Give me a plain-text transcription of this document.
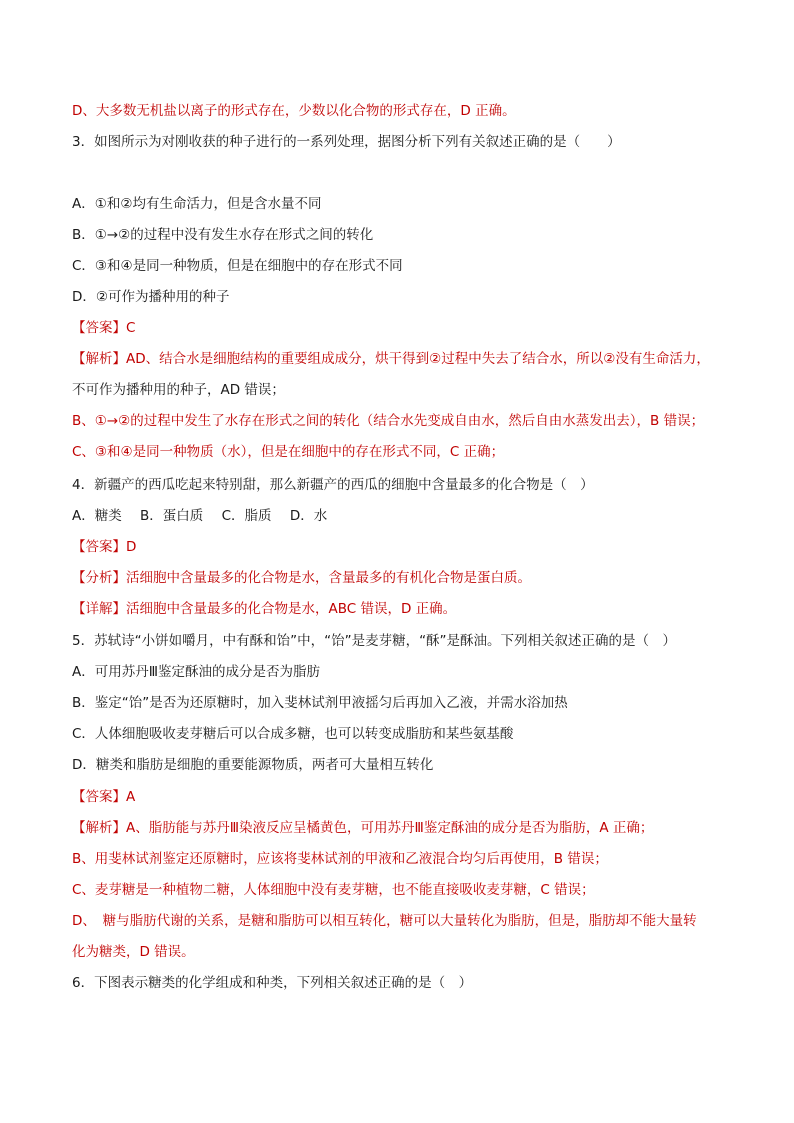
D、大多数无机盐以离子的形式存在，少数以化合物的形式存在，D 正确。
3．如图所示为对刚收获的种子进行的一系列处理，据图分析下列有关叙述正确的是（　　）
A．①和②均有生命活力，但是含水量不同
B．①→②的过程中没有发生水存在形式之间的转化
C．③和④是同一种物质，但是在细胞中的存在形式不同
D．②可作为播种用的种子
【答案】C
【解析】AD、结合水是细胞结构的重要组成成分，烘干得到②过程中失去了结合水，所以②没有生命活力，
不可作为播种用的种子，AD 错误；
B、①→②的过程中发生了水存在形式之间的转化（结合水先变成自由水，然后自由水蒸发出去），B 错误；
C、③和④是同一种物质（水），但是在细胞中的存在形式不同，C 正确；
4．新疆产的西瓜吃起来特别甜，那么新疆产的西瓜的细胞中含量最多的化合物是（　）
A．糖类 B．蛋白质 C．脂质 D．水
【答案】D
【分析】活细胞中含量最多的化合物是水，含量最多的有机化合物是蛋白质。
【详解】活细胞中含量最多的化合物是水，ABC 错误，D 正确。
5．苏轼诗“小饼如嚼月，中有酥和饴”中，“饴”是麦芽糖，“酥”是酥油。下列相关叙述正确的是（　）
A．可用苏丹Ⅲ鉴定酥油的成分是否为脂肪
B．鉴定“饴”是否为还原糖时，加入斐林试剂甲液摇匀后再加入乙液，并需水浴加热
C．人体细胞吸收麦芽糖后可以合成多糖，也可以转变成脂肪和某些氨基酸
D．糖类和脂肪是细胞的重要能源物质，两者可大量相互转化
【答案】A
【解析】A、脂肪能与苏丹Ⅲ染液反应呈橘黄色，可用苏丹Ⅲ鉴定酥油的成分是否为脂肪，A 正确；
B、用斐林试剂鉴定还原糖时，应该将斐林试剂的甲液和乙液混合均匀后再使用，B 错误；
C、麦芽糖是一种植物二糖，人体细胞中没有麦芽糖，也不能直接吸收麦芽糖，C 错误；
D、　糖与脂肪代谢的关系，是糖和脂肪可以相互转化，糖可以大量转化为脂肪，但是，脂肪却不能大量转
化为糖类，D 错误。
6．下图表示糖类的化学组成和种类，下列相关叙述正确的是（　）
